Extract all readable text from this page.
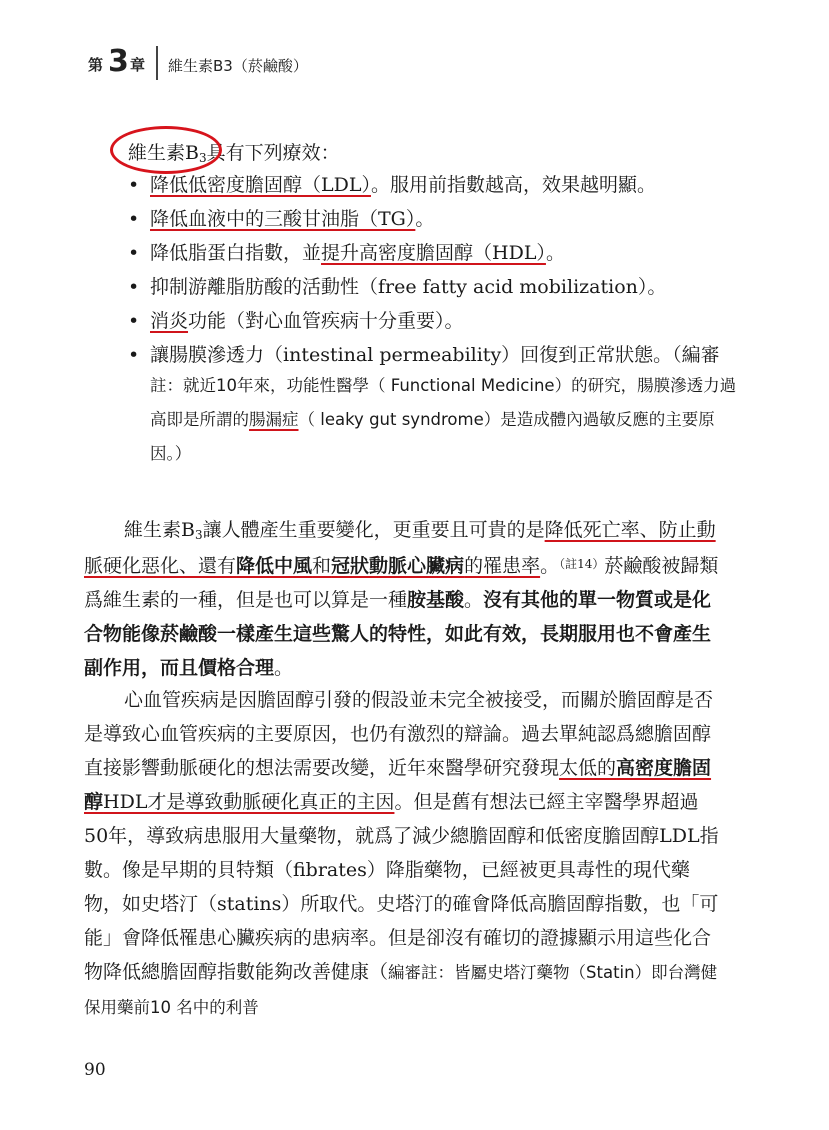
第 3 章 維生素B3（菸鹼酸）
維生素$B_3$具有下列療效：
• 降低低密度膽固醇（LDL）。服用前指數越高，效果越明顯。
• 降低血液中的三酸甘油脂（TG）。
• 降低脂蛋白指數，並提升高密度膽固醇（HDL）。
• 抑制游離脂肪酸的活動性（free fatty acid mobilization）。
• 消炎功能（對心血管疾病十分重要）。
• 讓腸膜滲透力（intestinal permeability）回復到正常狀態。（編審
註：就近10年來，功能性醫學（ Functional Medicine）的研究，腸膜滲透力過高即是所謂的腸漏症（ leaky gut syndrome）是造成體內過敏反應的主要原因。）

維生素$B_3$讓人體產生重要變化，更重要且可貴的是降低死亡率、防止動脈硬化惡化、還有降低中風和冠狀動脈心臟病的罹患率。$^{(註14)}$菸鹼酸被歸類爲維生素的一種，但是也可以算是一種胺基酸。沒有其他的單一物質或是化合物能像菸鹼酸一樣產生這些驚人的特性，如此有效，長期服用也不會產生副作用，而且價格合理。

心血管疾病是因膽固醇引發的假設並未完全被接受，而關於膽固醇是否是導致心血管疾病的主要原因，也仍有激烈的辯論。過去單純認爲總膽固醇直接影響動脈硬化的想法需要改變，近年來醫學研究發現太低的高密度膽固醇HDL才是導致動脈硬化真正的主因。但是舊有想法已經主宰醫學界超過50年，導致病患服用大量藥物，就爲了減少總膽固醇和低密度膽固醇LDL指數。像是早期的貝特類（fibrates）降脂藥物，已經被更具毒性的現代藥物，如史塔汀（statins）所取代。史塔汀的確會降低高膽固醇指數，也「可能」會降低罹患心臟疾病的患病率。但是卻沒有確切的證據顯示用這些化合物降低總膽固醇指數能夠改善健康（編審註：皆屬史塔汀藥物（Statin）即台灣健保用藥前10 名中的利普

90
